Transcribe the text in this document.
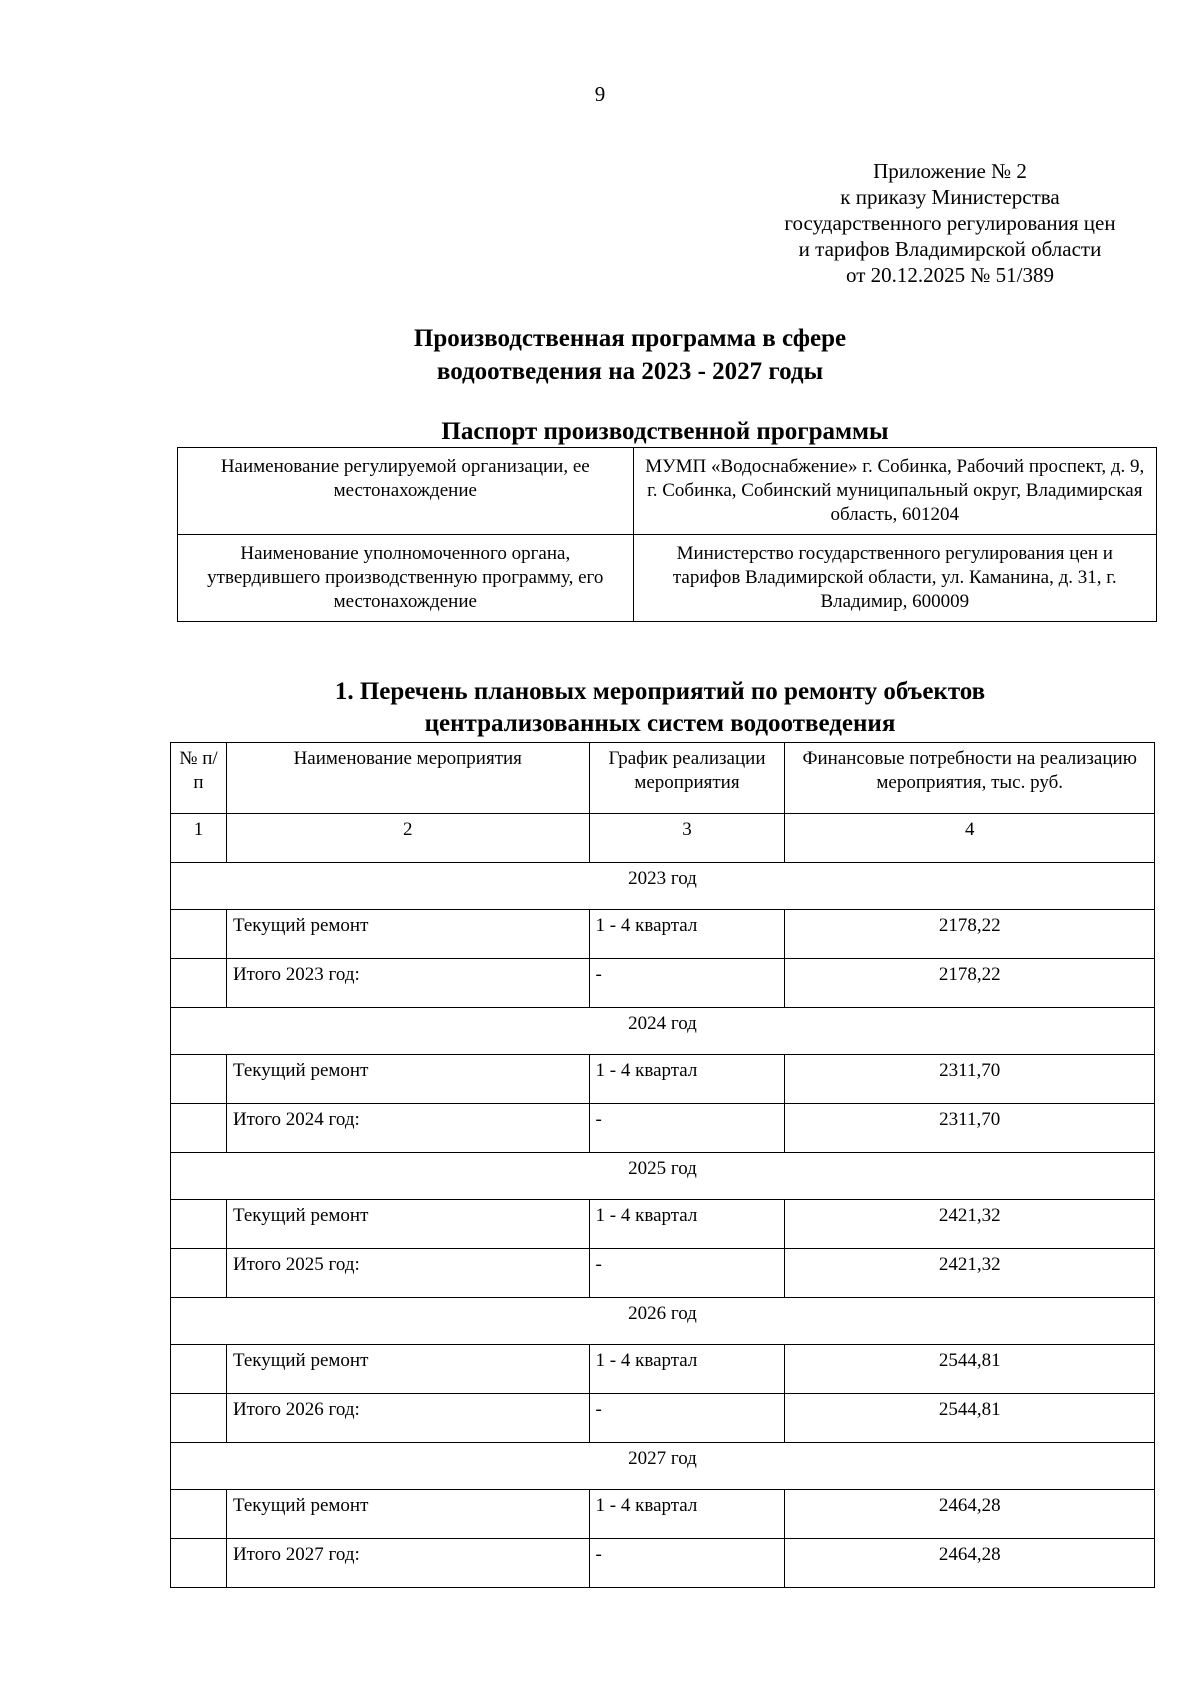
9
Приложение № 2
к приказу Министерства
государственного регулирования цен
и тарифов Владимирской области
от 20.12.2025 № 51/389
Производственная программа в сфере
водоотведения на 2023 - 2027 годы
Паспорт производственной программы
Наименование регулируемой организации, ее местонахождение	МУМП «Водоснабжение» г. Собинка, Рабочий проспект, д. 9, г. Собинка, Собинский муниципальный округ, Владимирская область, 601204
Наименование уполномоченного органа, утвердившего производственную программу, его местонахождение	Министерство государственного регулирования цен и тарифов Владимирской области, ул. Каманина, д. 31, г. Владимир, 600009
1. Перечень плановых мероприятий по ремонту объектов
централизованных систем водоотведения
№ п/п	Наименование мероприятия	График реализации мероприятия	Финансовые потребности на реализацию мероприятия, тыс. руб.
1	2	3	4
2023 год			
	Текущий ремонт	1 - 4 квартал	2178,22
	Итого 2023 год:	-	2178,22
2024 год			
	Текущий ремонт	1 - 4 квартал	2311,70
	Итого 2024 год:	-	2311,70
2025 год			
	Текущий ремонт	1 - 4 квартал	2421,32
	Итого 2025 год:	-	2421,32
2026 год			
	Текущий ремонт	1 - 4 квартал	2544,81
	Итого 2026 год:	-	2544,81
2027 год			
	Текущий ремонт	1 - 4 квартал	2464,28
	Итого 2027 год:	-	2464,28
